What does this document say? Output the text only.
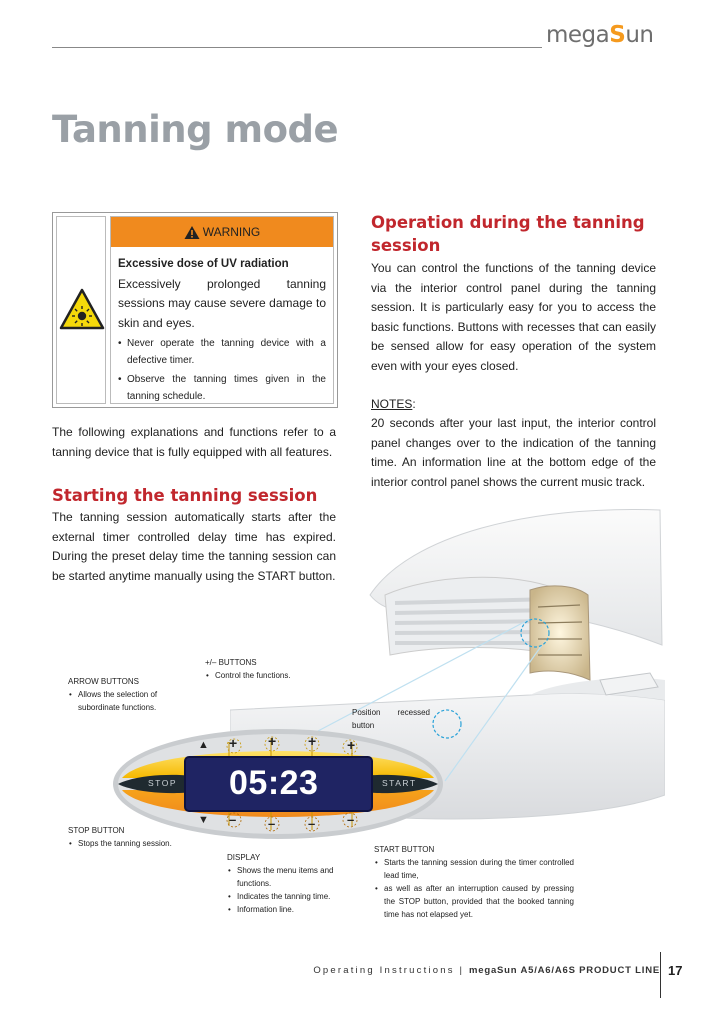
megaSun
Tanning mode
WARNING
Excessive dose of UV radiation
Excessively prolonged tanning sessions may cause severe damage to skin and eyes.
• Never operate the tanning device with a defective timer.
• Observe the tanning times given in the tanning schedule.

The following explanations and functions refer to a tanning device that is fully equipped with all features.

Starting the tanning session

The tanning session automatically starts after the external timer controlled delay time has expired. During the preset delay time the tanning session can be started anytime manually using the START button.

Operation during the tanning session

You can control the functions of the tanning device via the interior control panel during the tanning session. It is particularly easy for you to access the basic functions. Buttons with recesses that can easily be sensed allow for easy operation of the system even with your eyes closed.

NOTES:

20 seconds after your last input, the interior control panel changes over to the indication of the tanning time. An information line at the bottom edge of the interior control panel shows the current music track.

▲ + + + +
STOP 05:23	START
▼ – –	– –
+/– BUTTONS
• Control the functions.
ARROW BUTTONS
• Allows the selection of subordinate functions.
Position recessed button
STOP BUTTON
• Stops the tanning session.
DISPLAY
• Shows the menu items and functions.
• Indicates the tanning time.
• Information line.
START BUTTON
• Starts the tanning session during the timer controlled lead time,
• as well as after an interruption caused by pressing the STOP button, provided that the booked tanning time has not elapsed yet.
Operating Instructions | megaSun A5/A6/A6S PRODUCT LINE 17
